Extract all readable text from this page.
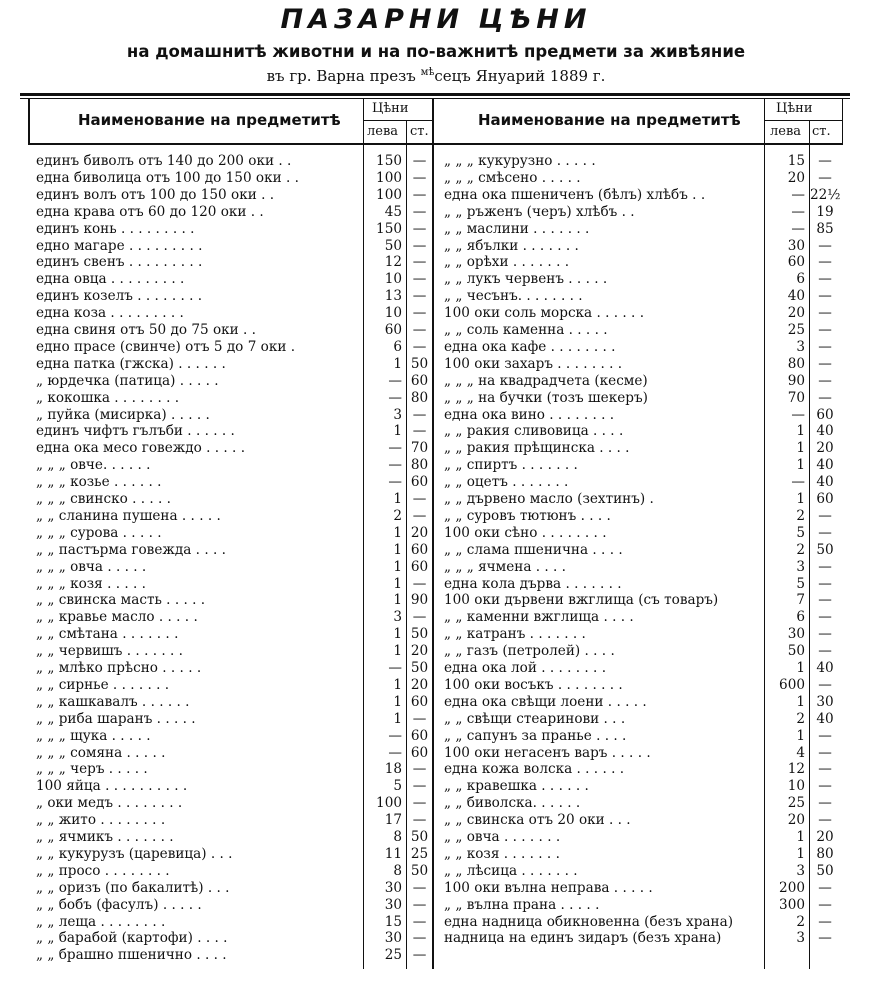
ПАЗАРНИ ЦѢНИ
на домашнитѣ животни и на по-важнитѣ предмети за живѣяние
въ гр. Варна презъ $^{мѣ}$сецъ Януарий 1889 г.
Наименование на предметитѣ
Цѣни
лева ст.
Наименование на предметитѣ
Цѣни
лева ст.
единъ биволъ отъ 140 до 200 оки . .	150 —
една биволица отъ 100 до 150 оки . .	100 —
единъ волъ отъ 100 до 150 оки . .	100 —
една крава отъ 60 до 120 оки . .	45 —
единъ конь . . . . . . . . .	150 —
едно магаре . . . . . . . . .	50 —
единъ свенъ . . . . . . . . .	12 —
една овца . . . . . . . . .	10 —
единъ козелъ . . . . . . . .	13 —
една коза . . . . . . . . .	10 —
една свиня отъ 50 до 75 оки . .	60 —
едно прасе (свинче) отъ 5 до 7 оки .	6 —
една патка (гжска) . . . . . .	1 50
„ юрдечка (патица) . . . . .	— 60
„ кокошка . . . . . . . .	— 80
„ пуйка (мисирка) . . . . .	3 —
единъ чифтъ гълъби . . . . . .	1 —
една ока месо говеждо . . . . .	— 70
„ „ „ овче. . . . . .	— 80
„ „ „ козье . . . . . .	— 60
„ „ „ свинско . . . . .	1 —
„ „ сланина пушена . . . . .	2 —
„ „ „ сурова . . . . .	1 20
„ „ пастърма говежда . . . .	1 60
„ „ „ овча . . . . .	1 60
„ „ „ козя . . . . .	1 —
„ „ свинска масть . . . . .	1 90
„ „ кравье масло . . . . .	3 —
„ „ смѣтана . . . . . . .	1 50
„ „ червишъ . . . . . . .	1 20
„ „ млѣко прѣсно . . . . .	— 50
„ „ сирнье . . . . . . .	1 20
„ „ кашкавалъ . . . . . .	1 60
„ „ риба шаранъ . . . . .	1 —
„ „ „ щука . . . . .	— 60
„ „ „ сомяна . . . . .	— 60
„ „ „ черъ . . . . .	18 —
100 яйца . . . . . . . . . .	5 —
„ оки медъ . . . . . . . .	100 —
„ „ жито . . . . . . . .	17 —
„ „ ячмикъ . . . . . . .	8 50
„ „ кукурузъ (царевица) . . .	11 25
„ „ просо . . . . . . . .	8 50
„ „ оризъ (по бакалитѣ) . . .	30 —
„ „ бобъ (фасулъ) . . . . .	30 —
„ „ леща . . . . . . . .	15 —
„ „ барабой (картофи) . . . .	30 —
„ „ брашно пшенично . . . .	25 —
„ „ „ кукурузно . . . . .	15 —
„ „ „ смѣсено . . . . .	20 —
една ока пшениченъ (бѣлъ) хлѣбъ . .	— 22½
„ „ ръженъ (черъ) хлѣбъ . .	— 19
„ „ маслини . . . . . . .	— 85
„ „ ябълки . . . . . . .	30 —
„ „ орѣхи . . . . . . .	60 —
„ „ лукъ червенъ . . . . .	6 —
„ „ чесънъ. . . . . . . .	40 —
100 оки соль морска . . . . . .	20 —
„ „ соль каменна . . . . .	25 —
една ока кафе . . . . . . . .	3 —
100 оки захаръ . . . . . . . .	80 —
„ „ „ на квадрадчета (кесме)	90 —
„ „ „ на бучки (тозъ шекеръ)	70 —
една ока вино . . . . . . . .	— 60
„ „ ракия сливовица . . . .	1 40
„ „ ракия прѣщинска . . . .	1 20
„ „ спиртъ . . . . . . .	1 40
„ „ оцетъ . . . . . . .	— 40
„ „ дървено масло (зехтинъ) .	1 60
„ „ суровъ тютюнъ . . . .	2 —
100 оки сѣно . . . . . . . .	5 —
„ „ слама пшенична . . . .	2 50
„ „ „ ячмена . . . .	3 —
една кола дърва . . . . . . .	5 —
100 оки дървени вжглища (съ товаръ)	7 —
„ „ каменни вжглища . . . .	6 —
„ „ катранъ . . . . . . .	30 —
„ „ газъ (петролей) . . . .	50 —
една ока лой . . . . . . . .	1 40
100 оки восъкъ . . . . . . . .	600 —
една ока свѣщи лоени . . . . .	1 30
„ „ свѣщи стеаринови . . .	2 40
„ „ сапунъ за пранье . . . .	1 —
100 оки негасенъ варъ . . . . .	4 —
една кожа волска . . . . . .	12 —
„ „ кравешка . . . . . .	10 —
„ „ биволска. . . . . .	25 —
„ „ свинска отъ 20 оки . . .	20 —
„ „ овча . . . . . . .	1 20
„ „ козя . . . . . . .	1 80
„ „ лѣсица . . . . . . .	3 50
100 оки вълна неправа . . . . .	200 —
„ „ вълна прана . . . . .	300 —
една надница обикновенна (безъ храна)	2 —
надница на единъ зидаръ (безъ храна)	3 —
